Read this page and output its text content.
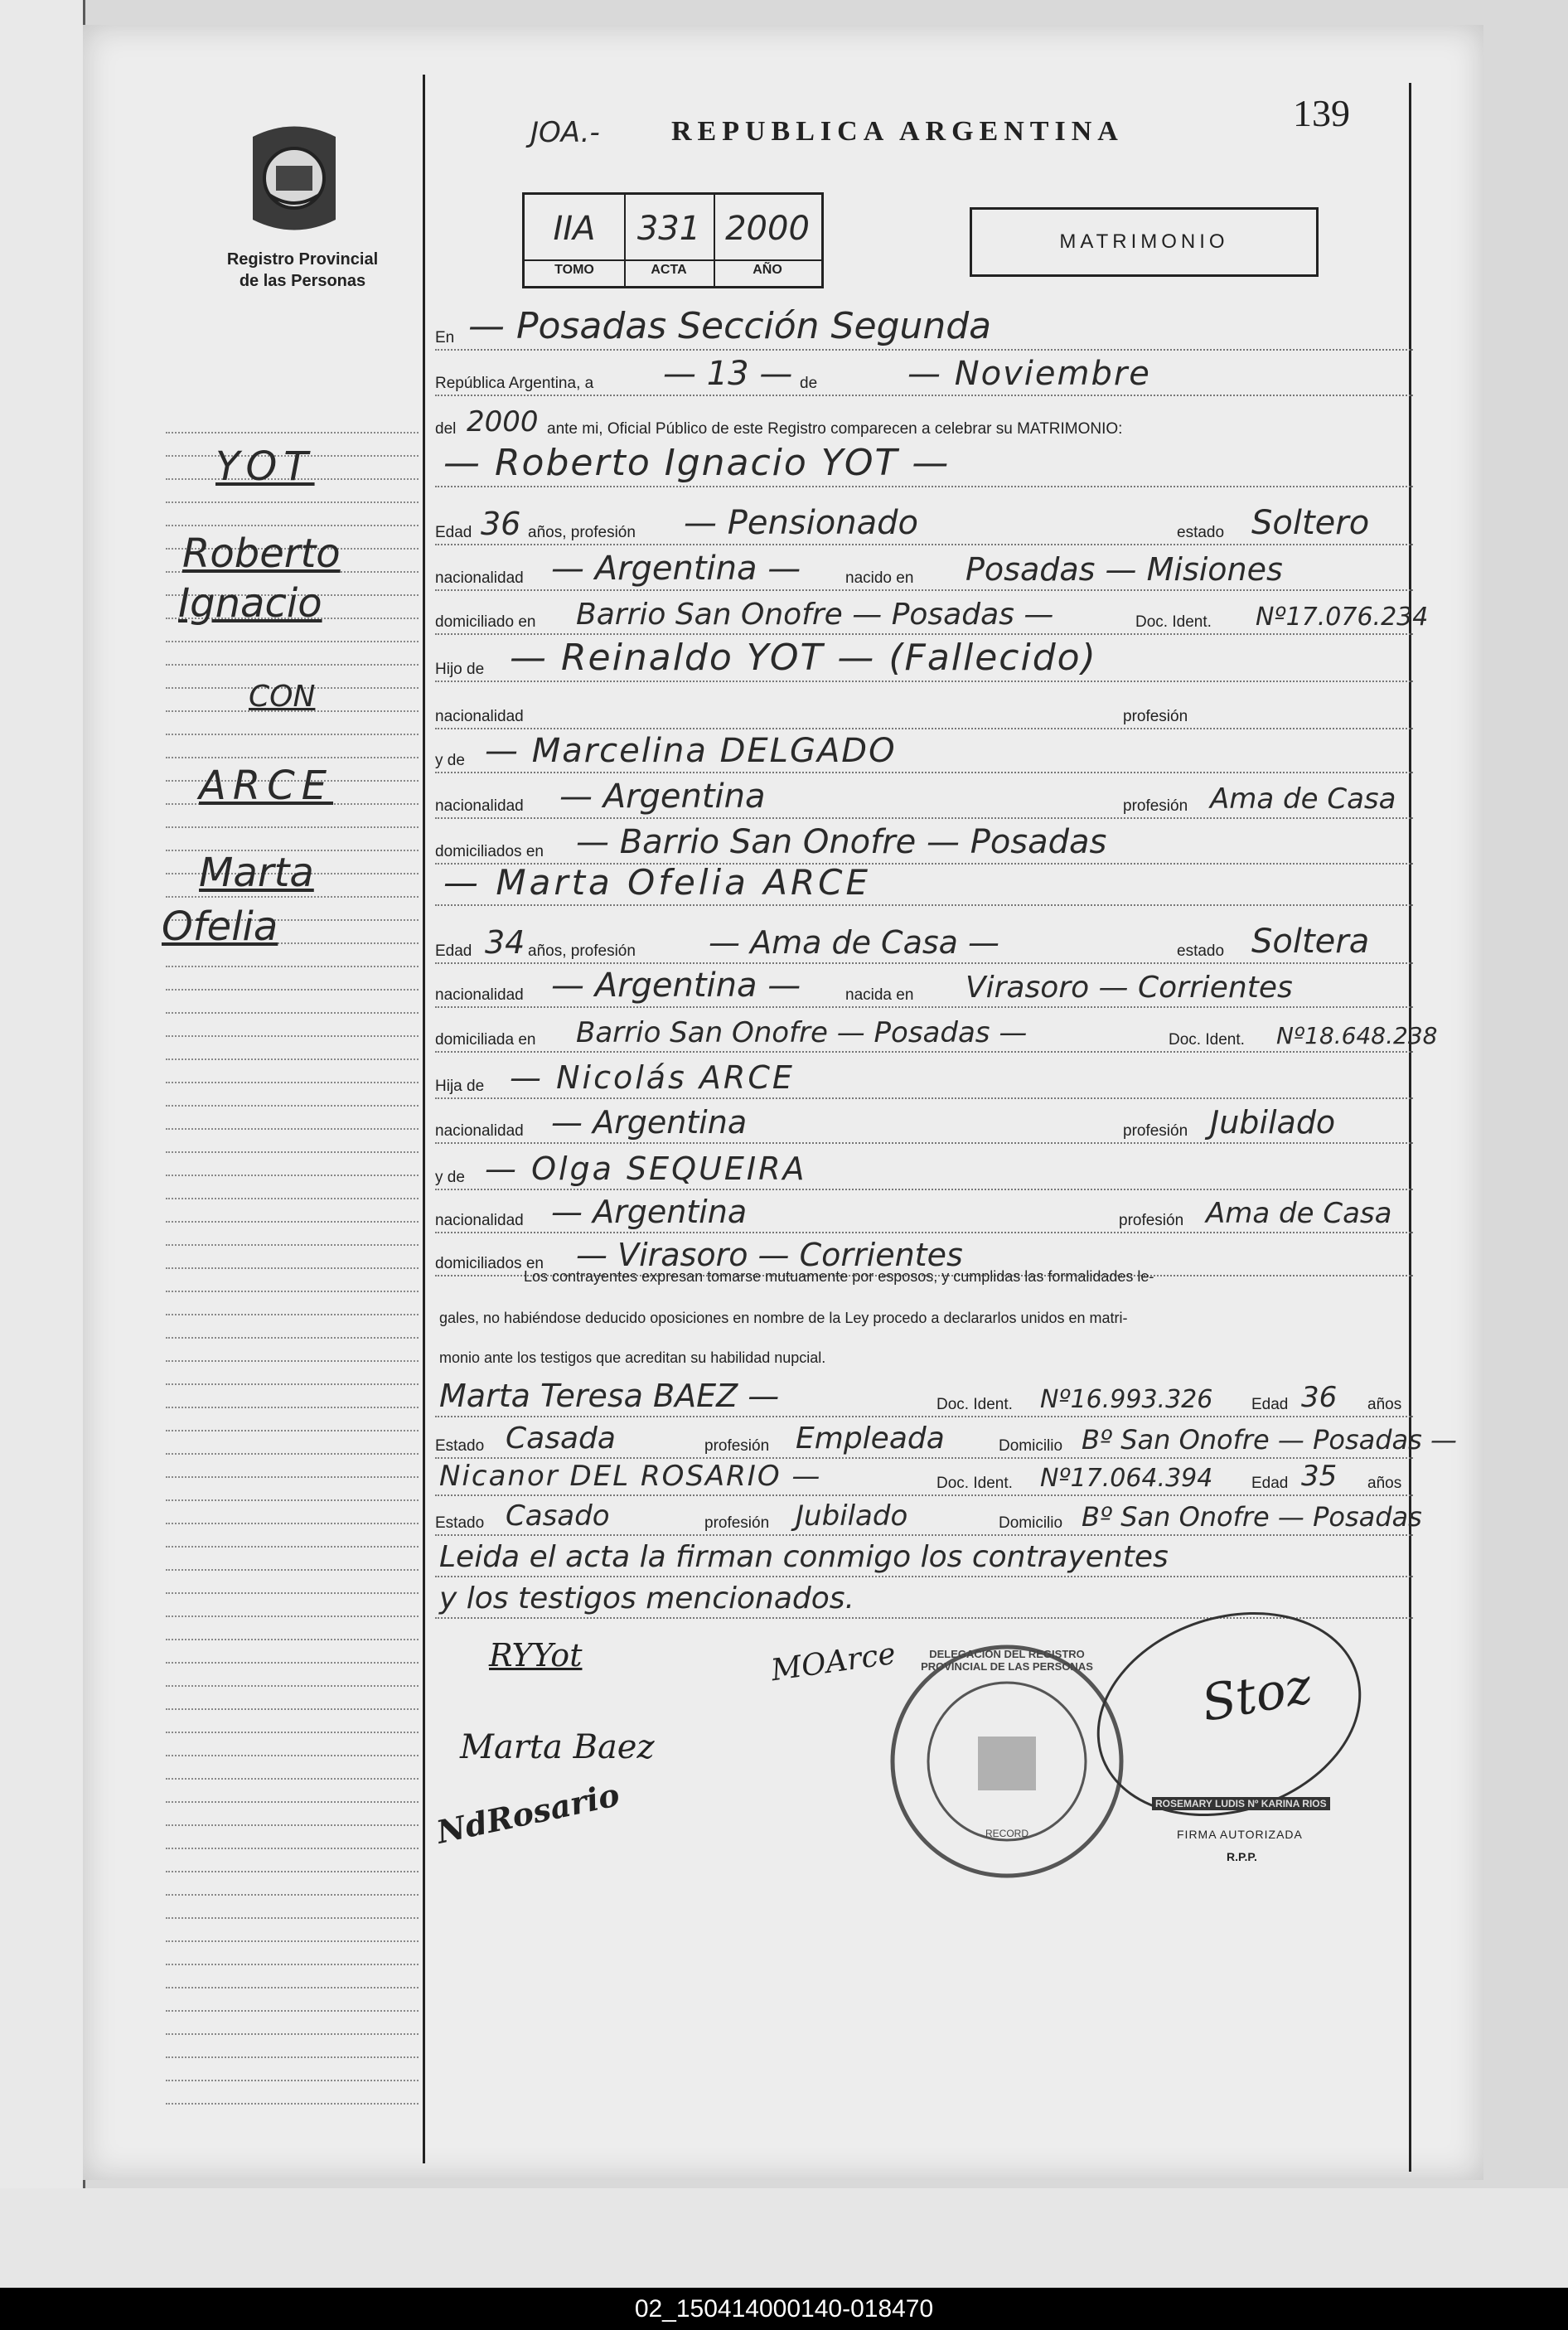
Registro Provincial
de las Personas
JOA.-	REPUBLICA ARGENTINA	139
IIA	331 2000
TOMO	ACTA	AÑO
MATRIMONIO
YOT
Roberto
Ignacio
CON
ARCE
Marta
Ofelia
En — Posadas Sección Segunda
República Argentina, a — 13 — de	— Noviembre
del 2000 ante mi, Oficial Público de este Registro comparecen a celebrar su MATRIMONIO:
— Roberto Ignacio YOT —
Edad 36 años, profesión — Pensionado	estado Soltero
nacionalidad — Argentina —	nacido en Posadas — Misiones
domiciliado en Barrio San Onofre — Posadas —	Doc. Ident. Nº17.076.234
Hijo de — Reinaldo YOT — (Fallecido)
nacionalidad	profesión
y de — Marcelina DELGADO
nacionalidad — Argentina	profesión Ama de Casa
domiciliados en — Barrio San Onofre — Posadas
— Marta Ofelia ARCE
Edad 34 años, profesión — Ama de Casa —	estado Soltera
nacionalidad — Argentina —	nacida en Virasoro — Corrientes
domiciliada en Barrio San Onofre — Posadas —	Doc. Ident. Nº18.648.238
Hija de — Nicolás ARCE
nacionalidad — Argentina	profesión Jubilado
y de — Olga SEQUEIRA
nacionalidad — Argentina	profesión Ama de Casa
domiciliados en — Virasoro — Corrientes
Los contrayentes expresan tomarse mutuamente por esposos, y cumplidas las formalidades le-
gales, no habiéndose deducido oposiciones en nombre de la Ley procedo a declararlos unidos en matri-
monio ante los testigos que acreditan su habilidad nupcial.
Marta Teresa BAEZ —	Doc. Ident. Nº16.993.326 Edad 36 años
Estado Casada	profesión Empleada	Domicilio Bº San Onofre — Posadas —
Nicanor DEL ROSARIO —	Doc. Ident. Nº17.064.394 Edad 35 años
Estado Casado	profesión Jubilado	Domicilio Bº San Onofre — Posadas
Leida el acta la firman conmigo los contrayentes
y los testigos mencionados.
RYYot	MOArce
Marta Baez
NdRosario
Stoz
DELEGACION DEL REGISTRO PROVINCIAL DE LAS PERSONAS
RECORD
ROSEMARY LUDIS Nº KARINA RIOS
FIRMA AUTORIZADA
R.P.P.
02_150414000140-018470
